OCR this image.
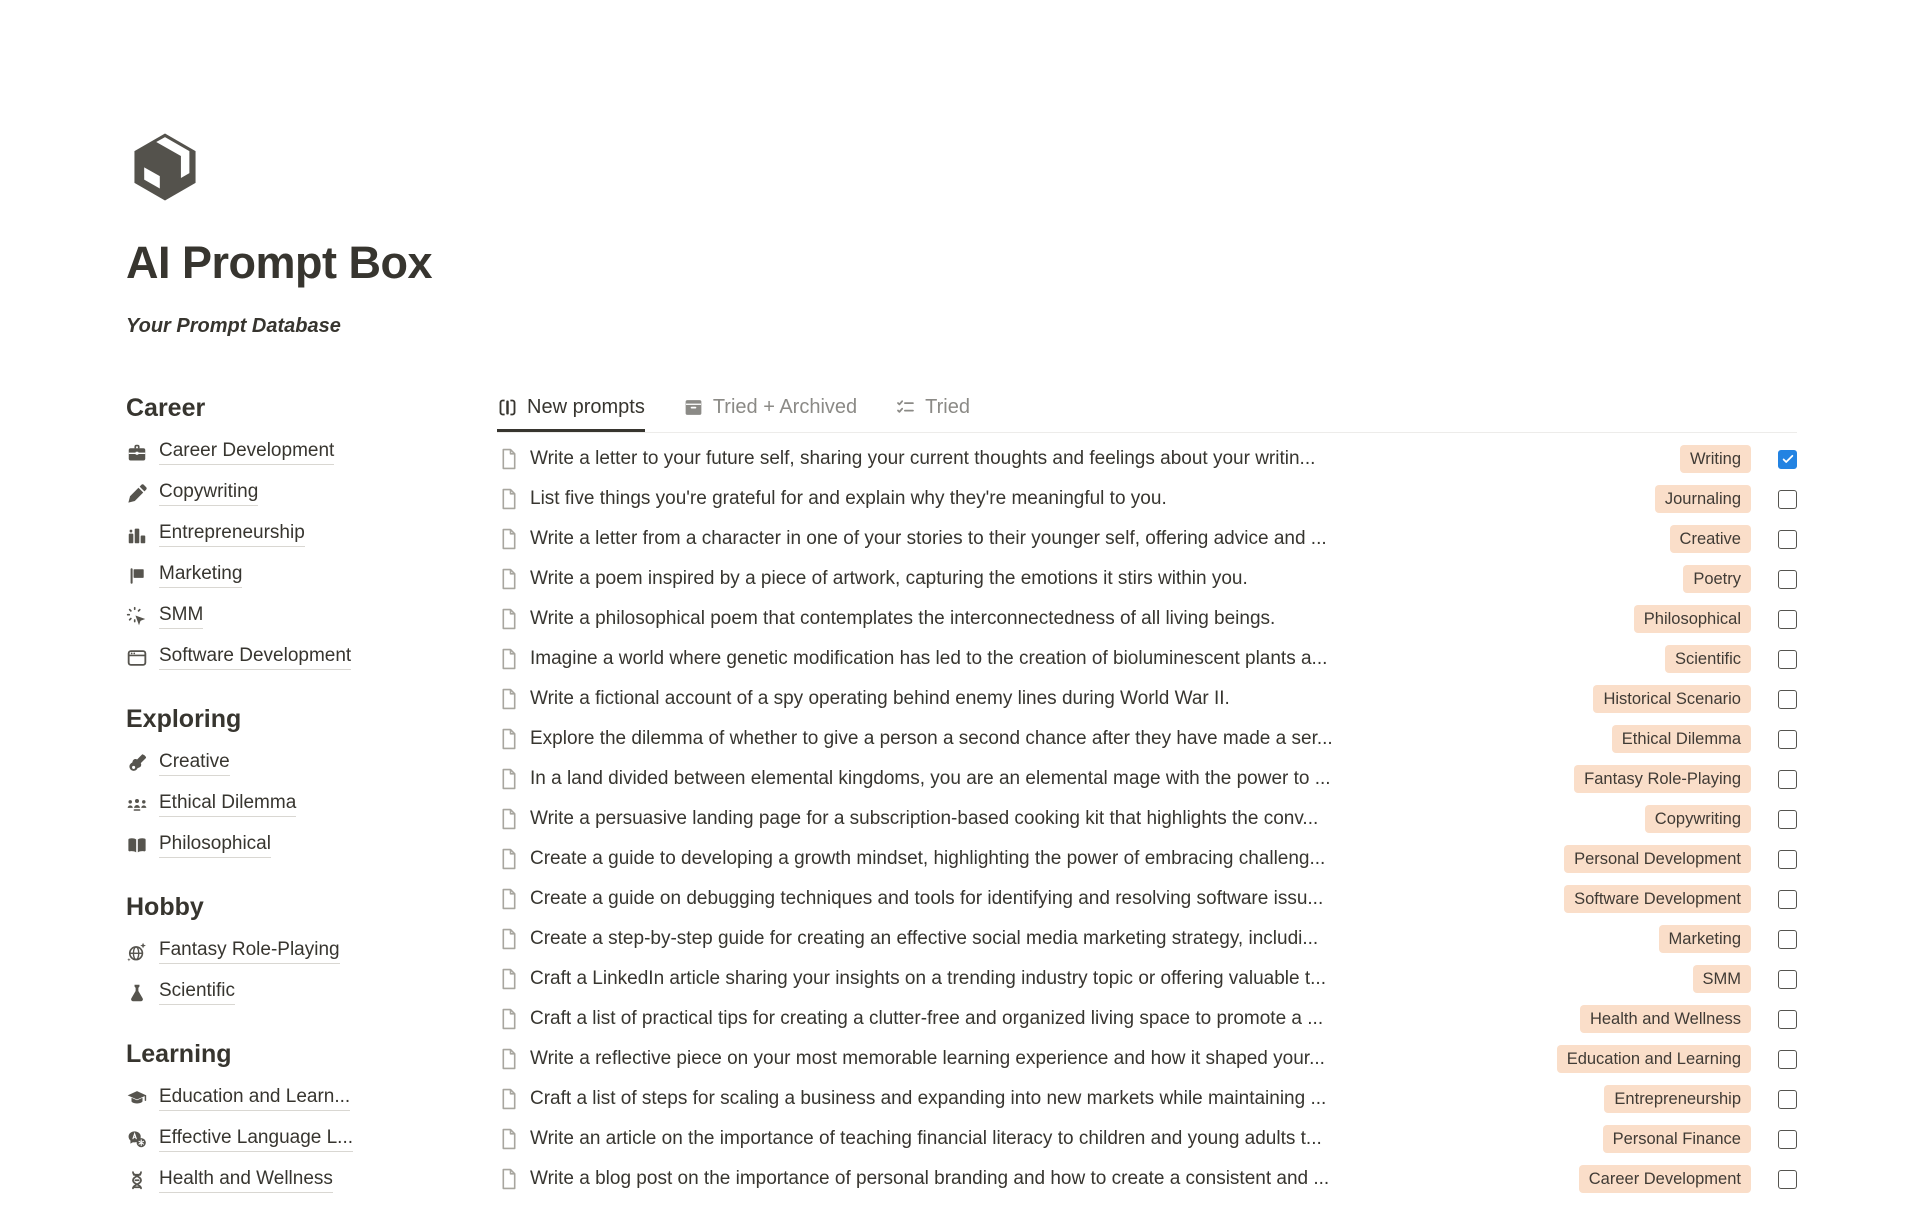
AI Prompt Box

Your Prompt Database

Career
Career Development
Copywriting
Entrepreneurship
Marketing
SMM
Software Development
Exploring
Creative
Ethical Dilemma
Philosophical
Hobby
Fantasy Role-Playing
Scientific
Learning
Education and Learn...
Effective Language L...
Health and Wellness
New prompts	Tried + Archived	Tried
Write a letter to your future self, sharing your current thoughts and feelings about your writin...	Writing
List five things you're grateful for and explain why they're meaningful to you.	Journaling
Write a letter from a character in one of your stories to their younger self, offering advice and ...	Creative
Write a poem inspired by a piece of artwork, capturing the emotions it stirs within you.	Poetry
Write a philosophical poem that contemplates the interconnectedness of all living beings.	Philosophical
Imagine a world where genetic modification has led to the creation of bioluminescent plants a...	Scientific
Write a fictional account of a spy operating behind enemy lines during World War II.	Historical Scenario
Explore the dilemma of whether to give a person a second chance after they have made a ser...	Ethical Dilemma
In a land divided between elemental kingdoms, you are an elemental mage with the power to ...	Fantasy Role-Playing
Write a persuasive landing page for a subscription-based cooking kit that highlights the conv...	Copywriting
Create a guide to developing a growth mindset, highlighting the power of embracing challeng...	Personal Development
Create a guide on debugging techniques and tools for identifying and resolving software issu...	Software Development
Create a step-by-step guide for creating an effective social media marketing strategy, includi...	Marketing
Craft a LinkedIn article sharing your insights on a trending industry topic or offering valuable t...	SMM
Craft a list of practical tips for creating a clutter-free and organized living space to promote a ...	Health and Wellness
Write a reflective piece on your most memorable learning experience and how it shaped your...	Education and Learning
Craft a list of steps for scaling a business and expanding into new markets while maintaining ...	Entrepreneurship
Write an article on the importance of teaching financial literacy to children and young adults t...	Personal Finance
Write a blog post on the importance of personal branding and how to create a consistent and ...	Career Development
